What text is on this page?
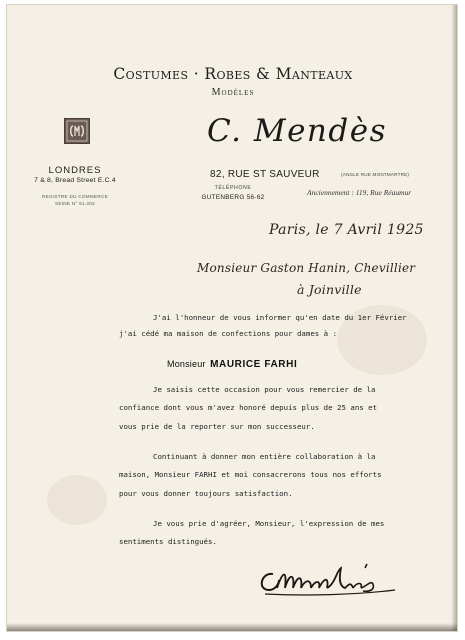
Costumes · Robes & Manteaux
Modèles
LONDRES
7 & 8, Bread Street E.C.4
REGISTRE DU COMMERCE
SEINE N° 51.202
C. Mendès
82, RUE ST SAUVEUR	(ANGLE RUE MONTMARTRE)
TÉLÉPHONE
GUTENBERG 56-62
Anciennement : 119, Rue Réaumur
Paris, le 7 Avril 1925
Monsieur Gaston Hanin, Chevillier
à Joinville
J'ai l'honneur de vous informer qu'en date du 1er Février
j'ai cédé ma maison de confections pour dames à :
Monsieur MAURICE FARHI
Je saisis cette occasion pour vous remercier de la
confiance dont vous m'avez honoré depuis plus de 25 ans et
vous prie de la reporter sur mon successeur.
Continuant à donner mon entière collaboration à la
maison, Monsieur FARHI et moi consacrerons tous nos efforts
pour vous donner toujours satisfaction.
Je vous prie d'agréer, Monsieur, l'expression de mes
sentiments distingués.
